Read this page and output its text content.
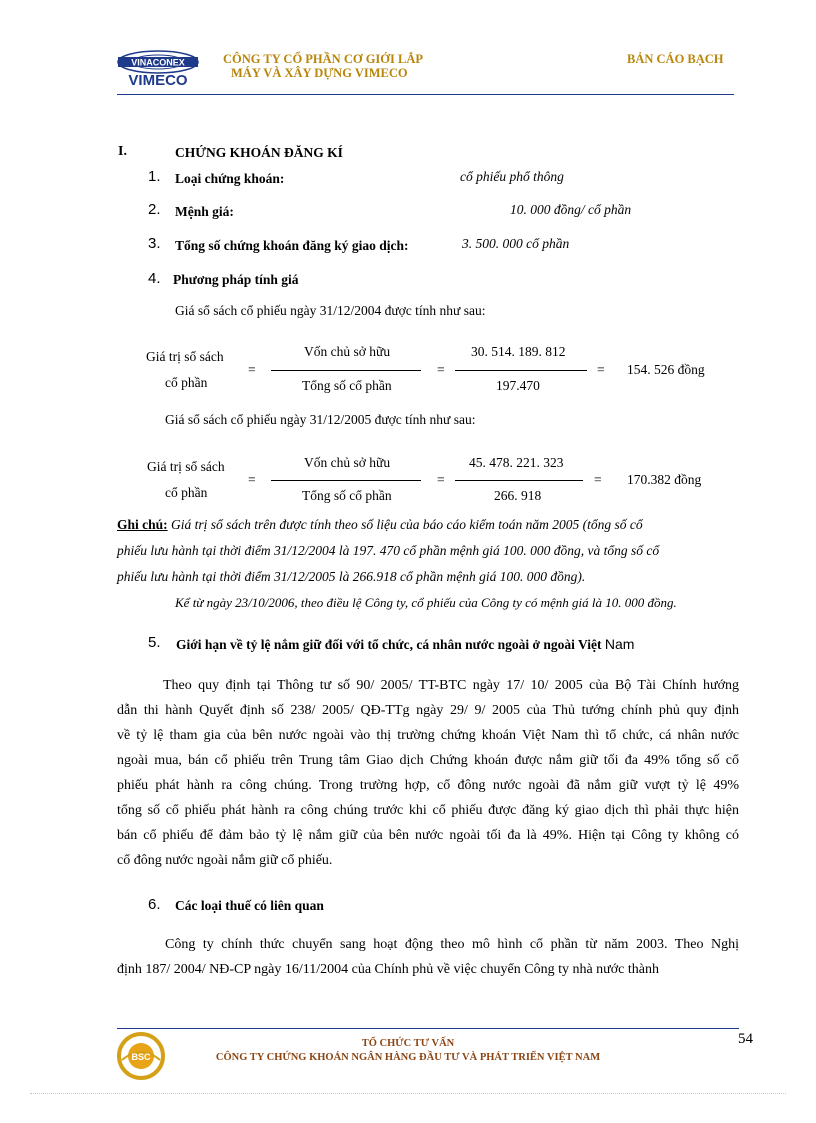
VINACONEX
VIMECO
CÔNG TY CỔ PHẦN CƠ GIỚI LẮP
MÁY VÀ XÂY DỰNG VIMECO
BẢN CÁO BẠCH
I.	CHỨNG KHOÁN ĐĂNG KÍ
1. Loại chứng khoán:	cổ phiếu phổ thông
2. Mệnh giá:	10. 000 đồng/ cổ phần
3. Tổng số chứng khoán đăng ký giao dịch:	3. 500. 000 cổ phần
4. Phương pháp tính giá
Giá sổ sách cổ phiếu ngày 31/12/2004 được tính như sau:
Giá trị sổ sách
cổ phần
=
Vốn chủ sở hữu
Tổng số cổ phần
=
30. 514. 189. 812
197.470
= 154. 526 đồng
Giá sổ sách cổ phiếu ngày 31/12/2005 được tính như sau:
Giá trị sổ sách
cổ phần
=
Vốn chủ sở hữu
Tổng số cổ phần
=
45. 478. 221. 323
266. 918
= 170.382 đồng
Ghi chú: Giá trị sổ sách trên được tính theo số liệu của báo cáo kiểm toán năm 2005 (tổng số cổ
phiếu lưu hành tại thời điểm 31/12/2004 là 197. 470 cổ phần mệnh giá 100. 000 đồng, và tổng số cổ
phiếu lưu hành tại thời điểm 31/12/2005 là 266.918 cổ phần mệnh giá 100. 000 đồng).
Kể từ ngày 23/10/2006, theo điều lệ Công ty, cổ phiếu của Công ty có mệnh giá là 10. 000 đồng.
5. Giới hạn về tỷ lệ nắm giữ đối với tổ chức, cá nhân nước ngoài ở ngoài Việt Nam
Theo quy định tại Thông tư số 90/ 2005/ TT-BTC ngày 17/ 10/ 2005 của Bộ Tài Chính hướng
dẫn thi hành Quyết định số 238/ 2005/ QĐ-TTg ngày 29/ 9/ 2005 của Thủ tướng chính phủ quy định
về tỷ lệ tham gia của bên nước ngoài vào thị trường chứng khoán Việt Nam thì tổ chức, cá nhân nước
ngoài mua, bán cổ phiếu trên Trung tâm Giao dịch Chứng khoán được nắm giữ tối đa 49% tổng số cổ
phiếu phát hành ra công chúng. Trong trường hợp, cổ đông nước ngoài đã nắm giữ vượt tỷ lệ 49%
tổng số cổ phiếu phát hành ra công chúng trước khi cổ phiếu được đăng ký giao dịch thì phải thực hiện
bán cổ phiếu để đảm bảo tỷ lệ nắm giữ của bên nước ngoài tối đa là 49%. Hiện tại Công ty không có
cổ đông nước ngoài nắm giữ cổ phiếu.
6. Các loại thuế có liên quan
Công ty chính thức chuyển sang hoạt động theo mô hình cổ phần từ năm 2003. Theo Nghị
định 187/ 2004/ NĐ-CP ngày 16/11/2004 của Chính phủ về việc chuyển Công ty nhà nước thành
BSC
TỔ CHỨC TƯ VẤN
CÔNG TY CHỨNG KHOÁN NGÂN HÀNG ĐẦU TƯ VÀ PHÁT TRIỂN VIỆT NAM
54
